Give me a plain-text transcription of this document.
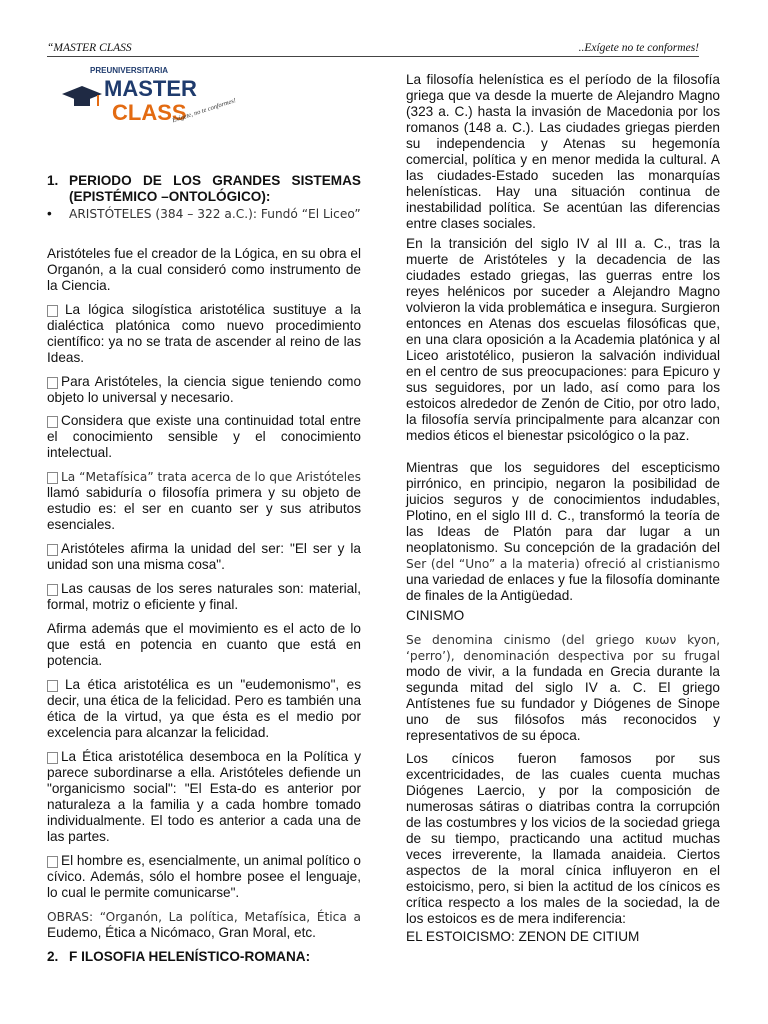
“MASTER CLASS	..Exígete no te conformes!
PREUNIVERSITARIA
MASTER
CLASS
Exígete, no te conformes!

1. PERIODO DE LOS GRANDES SISTEMAS (EPISTÉMICO –ONTOLÓGICO):

•	ARISTÓTELES (384 – 322 a.C.): Fundó “El Liceo”

Aristóteles fue el creador de la Lógica, en su obra el Organón, a la cual consideró como instrumento de la Ciencia.

La lógica silogística aristotélica sustituye a la dialéctica platónica como nuevo procedimiento científico: ya no se trata de ascender al reino de las Ideas.

Para Aristóteles, la ciencia sigue teniendo como objeto lo universal y necesario.

Considera que existe una continuidad total entre el conocimiento sensible y el conocimiento intelectual.

La “Metafísica” trata acerca de lo que Aristóteles llamó sabiduría o filosofía primera y su objeto de estudio es: el ser en cuanto ser y sus atributos esenciales.

Aristóteles afirma la unidad del ser: "El ser y la unidad son una misma cosa".

Las causas de los seres naturales son: material, formal, motriz o eficiente y final.

Afirma además que el movimiento es el acto de lo que está en potencia en cuanto que está en potencia.

La ética aristotélica es un "eudemonismo", es decir, una ética de la felicidad. Pero es también una ética de la virtud, ya que ésta es el medio por excelencia para alcanzar la felicidad.

La Ética aristotélica desemboca en la Política y parece subordinarse a ella. Aristóteles defiende un "organicismo social": "El Esta-do es anterior por naturaleza a la familia y a cada hombre tomado individualmente. El todo es anterior a cada una de las partes.

El hombre es, esencialmente, un animal político o cívico. Además, sólo el hombre posee el lenguaje, lo cual le permite comunicarse".

OBRAS: “Organón, La política, Metafísica, Ética a Eudemo, Ética a Nicómaco, Gran Moral, etc.

2. F ILOSOFIA HELENÍSTICO-ROMANA:

La filosofía helenística es el período de la filosofía griega que va desde la muerte de Alejandro Magno (323 a. C.) hasta la invasión de Macedonia por los romanos (148 a. C.). Las ciudades griegas pierden su independencia y Atenas su hegemonía comercial, política y en menor medida la cultural. A las ciudades-Estado suceden las monarquías helenísticas. Hay una situación continua de inestabilidad política. Se acentúan las diferencias entre clases sociales.

En la transición del siglo IV al III a. C., tras la muerte de Aristóteles y la decadencia de las ciudades estado griegas, las guerras entre los reyes helénicos por suceder a Alejandro Magno volvieron la vida problemática e insegura. Surgieron entonces en Atenas dos escuelas filosóficas que, en una clara oposición a la Academia platónica y al Liceo aristotélico, pusieron la salvación individual en el centro de sus preocupaciones: para Epicuro y sus seguidores, por un lado, así como para los estoicos alrededor de Zenón de Citio, por otro lado, la filosofía servía principalmente para alcanzar con medios éticos el bienestar psicológico o la paz.

Mientras que los seguidores del escepticismo pirrónico, en principio, negaron la posibilidad de juicios seguros y de conocimientos indudables, Plotino, en el siglo III d. C., transformó la teoría de las Ideas de Platón para dar lugar a un neoplatonismo. Su concepción de la gradación del Ser (del “Uno” a la materia) ofreció al cristianismo una variedad de enlaces y fue la filosofía dominante de finales de la Antigüedad.

CINISMO

Se denomina cinismo (del griego κυων kyon, ‘perro’), denominación despectiva por su frugal modo de vivir, a la fundada en Grecia durante la segunda mitad del siglo IV a. C. El griego Antístenes fue su fundador y Diógenes de Sinope uno de sus filósofos más reconocidos y representativos de su época.

Los cínicos fueron famosos por sus excentricidades, de las cuales cuenta muchas Diógenes Laercio, y por la composición de numerosas sátiras o diatribas contra la corrupción de las costumbres y los vicios de la sociedad griega de su tiempo, practicando una actitud muchas veces irreverente, la llamada anaideia. Ciertos aspectos de la moral cínica influyeron en el estoicismo, pero, si bien la actitud de los cínicos es crítica respecto a los males de la sociedad, la de los estoicos es de mera indiferencia:

EL ESTOICISMO: ZENON DE CITIUM
